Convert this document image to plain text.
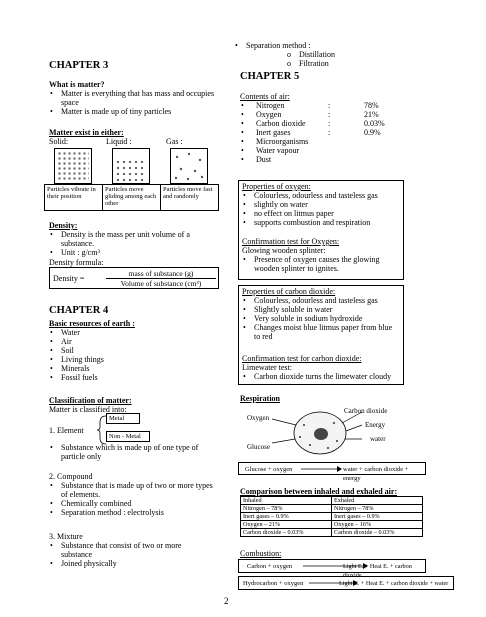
CHAPTER 3
What is matter?
• Matter is everything that has mass and occupies space
• Matter is made up of tiny particles
Matter exist in either:
Solid:	Liquid :	Gas :
Particles vibrate in their position
Particles move gliding among each other
Particles move fast and randomly
Density:
• Density is the mass per unit volume of a substance.
• Unit : g/cm³
Density formula:
Density =
mass of substance (g)
Volume of substance (cm³)
CHAPTER 4
Basic resources of earth :
• Water
• Air
• Soil
• Living things
• Minerals
• Fossil fuels
Classification of matter:
Matter is classified into:
1. Element
Metal
Non - Metal
• Substance which is made up of one type of particle only
2. Compound
• Substance that is made up of two or more types of elements.
• Chemically combined
• Separation method : electrolysis
3. Mixture
• Substance that consist of two or more substance
• Joined physically
• Separation method :
o Distillation
o Filtration
CHAPTER 5
Contents of air:
• Nitrogen	:	78%
• Oxygen	:	21%
• Carbon dioxide	:	0.03%
• Inert gases	:	0.9%
• Microorganisms
• Water vapour
• Dust
Properties of oxygen:
• Colourless, odourless and tasteless gas
• slightly on water
• no effect on litmus paper
• supports combustion and respiration
Confirmation test for Oxygen:
Glowing wooden splinter:
• Presence of oxygen causes the glowing wooden splinter to ignites.
Properties of carbon dioxide:
• Colourless, odourless and tasteless gas
• Slightly soluble in water
• Very soluble in sodium hydroxide
• Changes moist blue litmus paper from blue to red
Confirmation test for carbon dioxide:
Limewater test:
• Carbon dioxide turns the limewater cloudy
Respiration
Oxygen
Glucose
Carbon dioxide
Energy
water
Glucose + oxygen	water + carbon dioxide + energy
Comparison between inhaled and exhaled air:
Inhaled	Exhaled
Nitrogen – 78%	Nitrogen – 78%
Inert gases – 0.9%	Inert gases – 0.9%
Oxygen – 21%	Oxygen – 16%
Carbon dioxide – 0.03%	Carbon dioxide – 0.03%
Combustion:
Carbon + oxygen	Light E. + Heat E. + carbon dioxide
Hydrocarbon + oxygen	Light E. + Heat E. + carbon dioxide + water
2
